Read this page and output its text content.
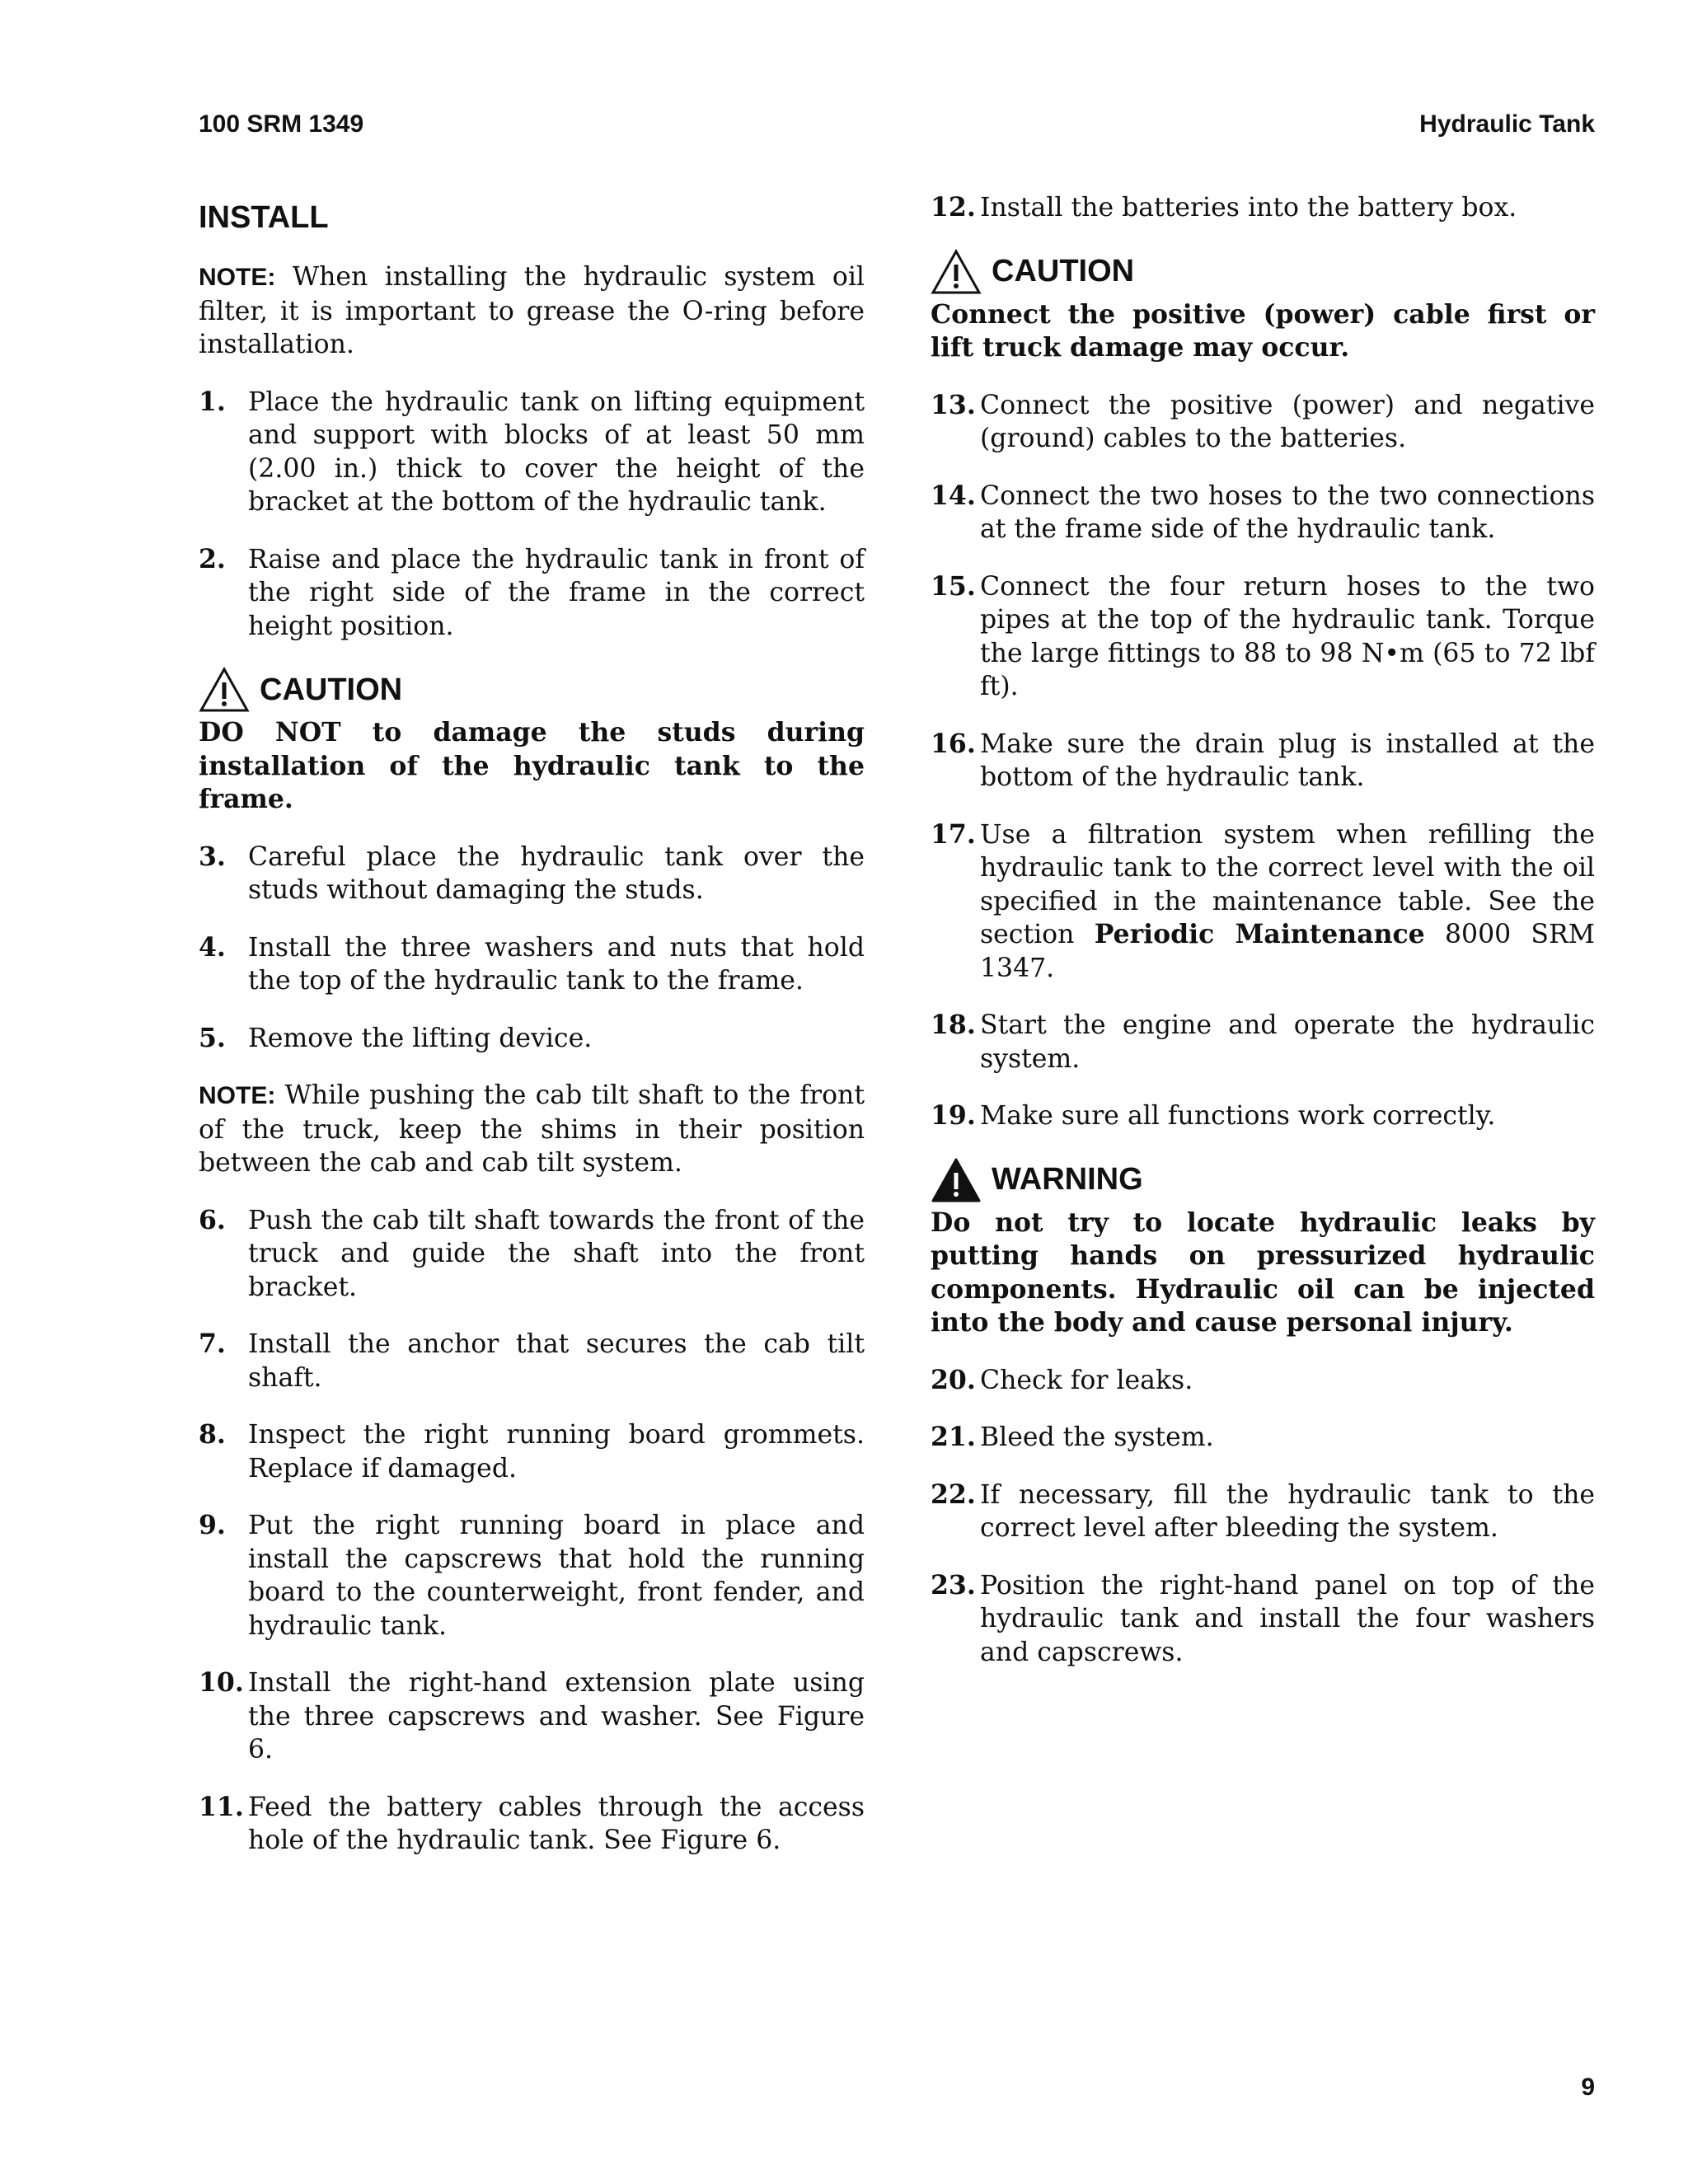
100 SRM 1349	Hydraulic Tank
INSTALL

NOTE: When installing the hydraulic system oil filter, it is important to grease the O-ring before installation.

1. Place the hydraulic tank on lifting equipment and support with blocks of at least 50 mm (2.00 in.) thick to cover the height of the bracket at the bottom of the hydraulic tank.
2. Raise and place the hydraulic tank in front of the right side of the frame in the correct height position.
CAUTION
DO NOT to damage the studs during installation of the hydraulic tank to the frame.
3. Careful place the hydraulic tank over the studs without damaging the studs.
4. Install the three washers and nuts that hold the top of the hydraulic tank to the frame.
5. Remove the lifting device.

NOTE: While pushing the cab tilt shaft to the front of the truck, keep the shims in their position between the cab and cab tilt system.

6. Push the cab tilt shaft towards the front of the truck and guide the shaft into the front bracket.
7. Install the anchor that secures the cab tilt shaft.
8. Inspect the right running board grommets. Replace if damaged.
9. Put the right running board in place and install the capscrews that hold the running board to the counterweight, front fender, and hydraulic tank.
10. Install the right-hand extension plate using the three capscrews and washer. See Figure 6.
11. Feed the battery cables through the access hole of the hydraulic tank. See Figure 6.
12. Install the batteries into the battery box.
CAUTION
Connect the positive (power) cable first or lift truck damage may occur.
13. Connect the positive (power) and negative (ground) cables to the batteries.
14. Connect the two hoses to the two connections at the frame side of the hydraulic tank.
15. Connect the four return hoses to the two pipes at the top of the hydraulic tank. Torque the large fittings to 88 to 98 N•m (65 to 72 lbf ft).
16. Make sure the drain plug is installed at the bottom of the hydraulic tank.
17. Use a filtration system when refilling the hydraulic tank to the correct level with the oil specified in the maintenance table. See the section Periodic Maintenance 8000 SRM 1347.
18. Start the engine and operate the hydraulic system.
19. Make sure all functions work correctly.
WARNING
Do not try to locate hydraulic leaks by putting hands on pressurized hydraulic components. Hydraulic oil can be injected into the body and cause personal injury.
20. Check for leaks.
21. Bleed the system.
22. If necessary, fill the hydraulic tank to the correct level after bleeding the system.
23. Position the right-hand panel on top of the hydraulic tank and install the four washers and capscrews.
9
